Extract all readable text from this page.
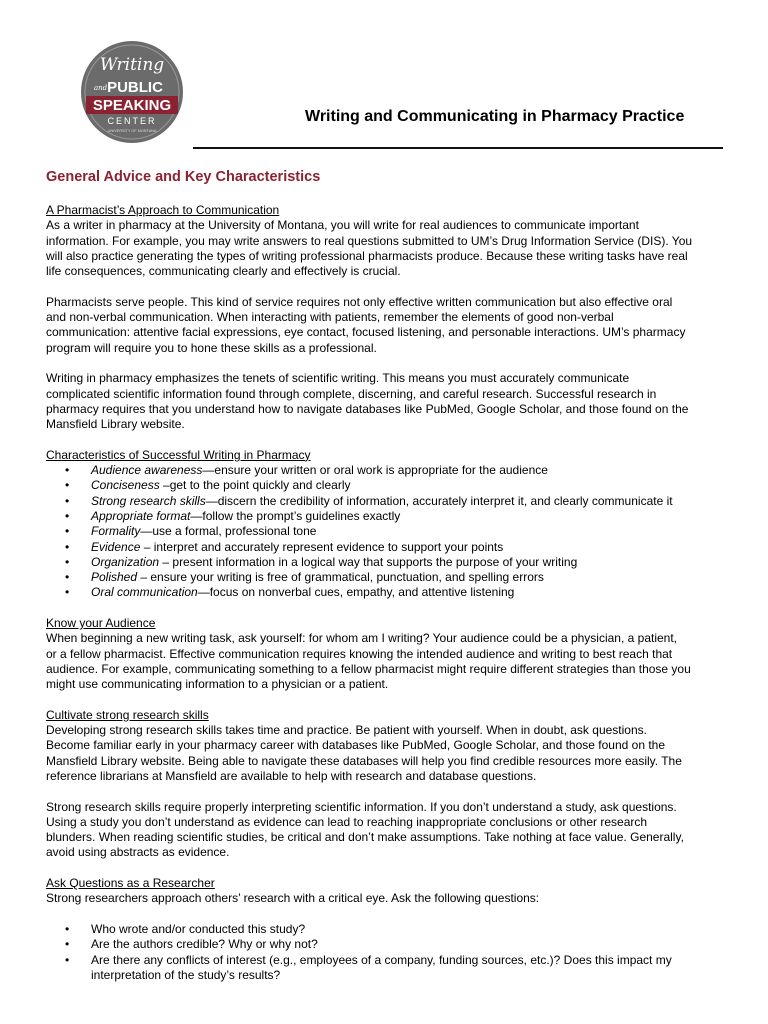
Writing
and PUBLIC
SPEAKING
CENTER
UNIVERSITY OF MONTANA
Writing and Communicating in Pharmacy Practice
General Advice and Key Characteristics

A Pharmacist’s Approach to Communication

As a writer in pharmacy at the University of Montana, you will write for real audiences to communicate important
information. For example, you may write answers to real questions submitted to UM’s Drug Information Service (DIS). You
will also practice generating the types of writing professional pharmacists produce. Because these writing tasks have real
life consequences, communicating clearly and effectively is crucial.

Pharmacists serve people. This kind of service requires not only effective written communication but also effective oral
and non-verbal communication. When interacting with patients, remember the elements of good non-verbal
communication: attentive facial expressions, eye contact, focused listening, and personable interactions. UM’s pharmacy
program will require you to hone these skills as a professional.

Writing in pharmacy emphasizes the tenets of scientific writing. This means you must accurately communicate
complicated scientific information found through complete, discerning, and careful research. Successful research in
pharmacy requires that you understand how to navigate databases like PubMed, Google Scholar, and those found on the
Mansfield Library website.

Characteristics of Successful Writing in Pharmacy

• Audience awareness—ensure your written or oral work is appropriate for the audience
• Conciseness –get to the point quickly and clearly
• Strong research skills—discern the credibility of information, accurately interpret it, and clearly communicate it
• Appropriate format—follow the prompt’s guidelines exactly
• Formality—use a formal, professional tone
• Evidence – interpret and accurately represent evidence to support your points
• Organization – present information in a logical way that supports the purpose of your writing
• Polished – ensure your writing is free of grammatical, punctuation, and spelling errors
• Oral communication—focus on nonverbal cues, empathy, and attentive listening

Know your Audience

When beginning a new writing task, ask yourself: for whom am I writing? Your audience could be a physician, a patient,
or a fellow pharmacist. Effective communication requires knowing the intended audience and writing to best reach that
audience. For example, communicating something to a fellow pharmacist might require different strategies than those you
might use communicating information to a physician or a patient.

Cultivate strong research skills

Developing strong research skills takes time and practice. Be patient with yourself. When in doubt, ask questions.
Become familiar early in your pharmacy career with databases like PubMed, Google Scholar, and those found on the
Mansfield Library website. Being able to navigate these databases will help you find credible resources more easily. The
reference librarians at Mansfield are available to help with research and database questions.

Strong research skills require properly interpreting scientific information. If you don’t understand a study, ask questions.
Using a study you don’t understand as evidence can lead to reaching inappropriate conclusions or other research
blunders. When reading scientific studies, be critical and don’t make assumptions. Take nothing at face value. Generally,
avoid using abstracts as evidence.

Ask Questions as a Researcher

Strong researchers approach others’ research with a critical eye. Ask the following questions:

• Who wrote and/or conducted this study?
• Are the authors credible? Why or why not?
• Are there any conflicts of interest (e.g., employees of a company, funding sources, etc.)? Does this impact my
interpretation of the study’s results?
